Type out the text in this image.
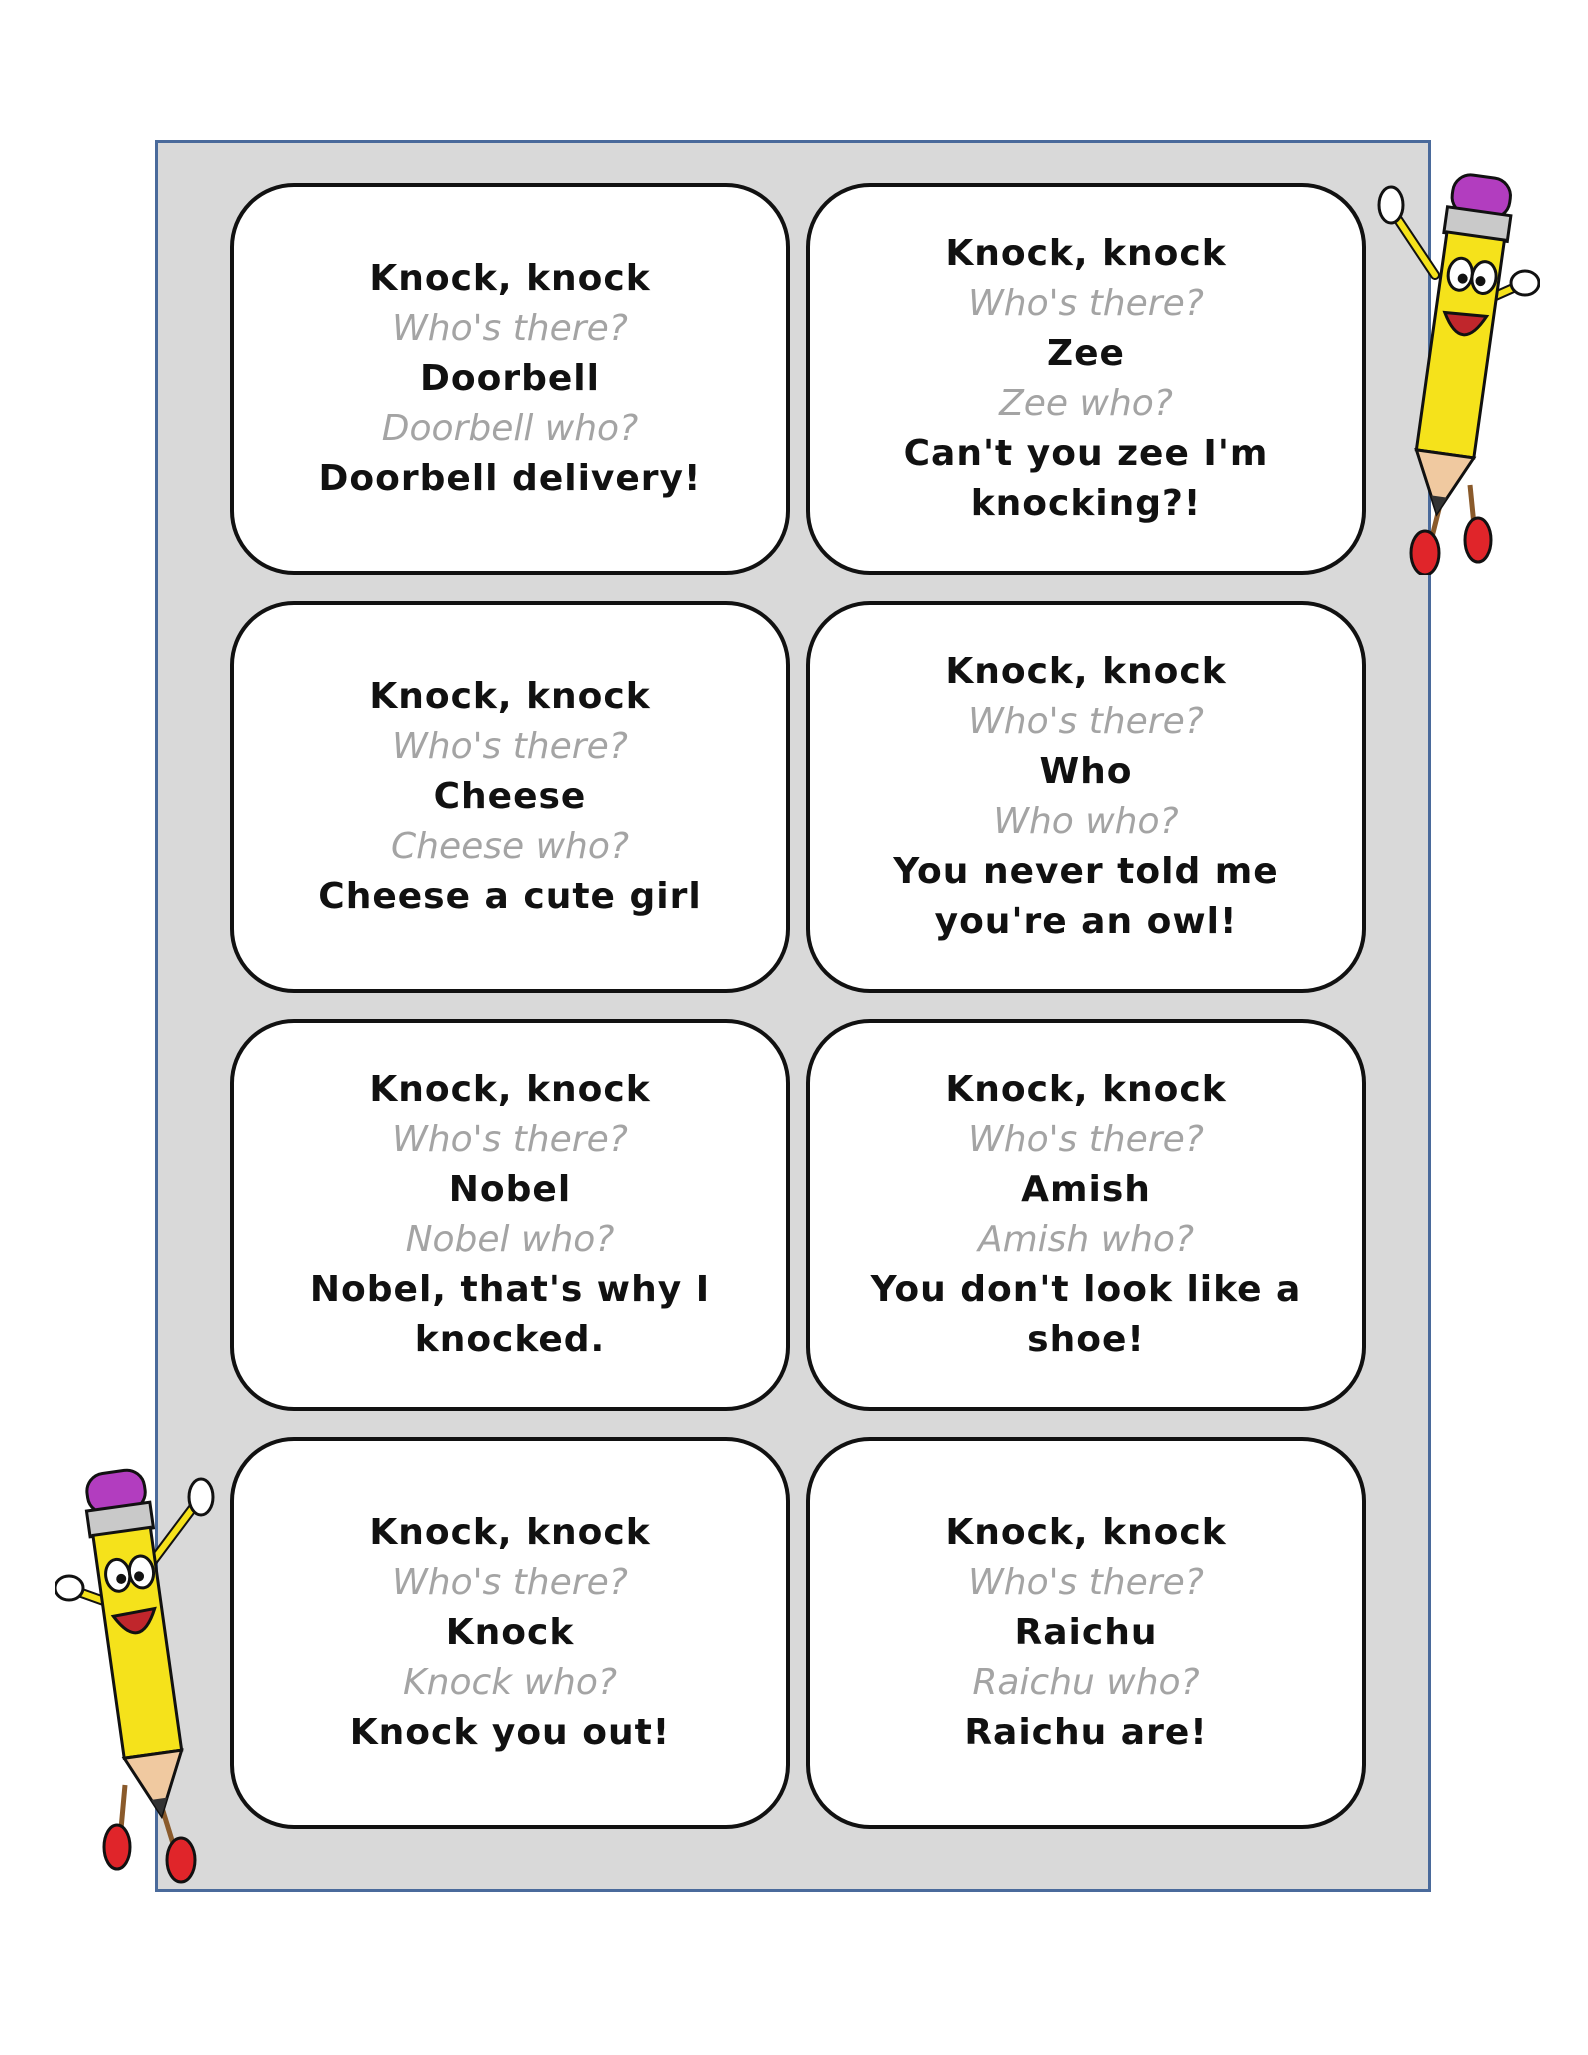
Knock, knock
Who's there?
Doorbell
Doorbell who?
Doorbell delivery!
Knock, knock
Who's there?
Zee
Zee who?
Can't you zee I'm
knocking?!
Knock, knock
Who's there?
Cheese
Cheese who?
Cheese a cute girl
Knock, knock
Who's there?
Who
Who who?
You never told me
you're an owl!
Knock, knock
Who's there?
Nobel
Nobel who?
Nobel, that's why I
knocked.
Knock, knock
Who's there?
Amish
Amish who?
You don't look like a
shoe!
Knock, knock
Who's there?
Knock
Knock who?
Knock you out!
Knock, knock
Who's there?
Raichu
Raichu who?
Raichu are!
